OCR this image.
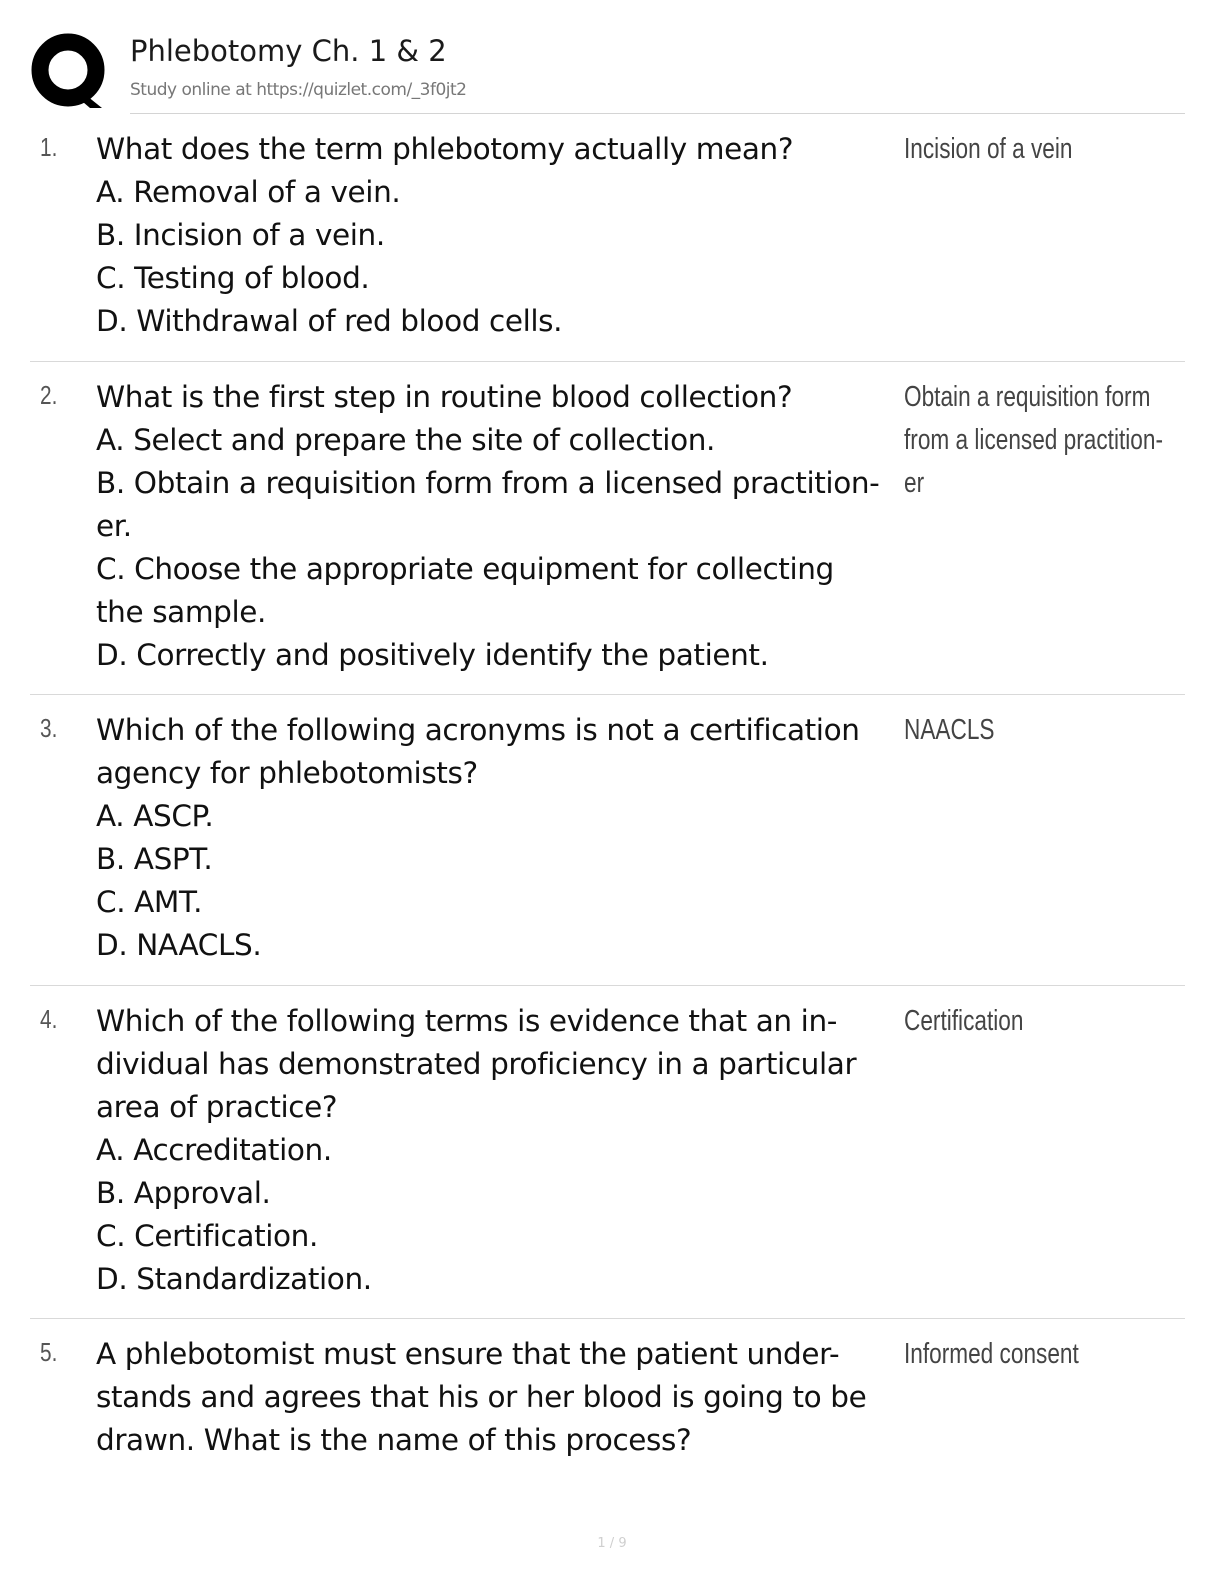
Phlebotomy Ch. 1 & 2
Study online at https://quizlet.com/_3f0jt2
1. What does the term phlebotomy actually mean?
A. Removal of a vein.
B. Incision of a vein.
C. Testing of blood.
D. Withdrawal of red blood cells.
Incision of a vein
2. What is the first step in routine blood collection?
A. Select and prepare the site of collection.
B. Obtain a requisition form from a licensed practition-
er.
C. Choose the appropriate equipment for collecting
the sample.
D. Correctly and positively identify the patient.
Obtain a requisition form
from a licensed practition-
er
3. Which of the following acronyms is not a certification
agency for phlebotomists?
A. ASCP.
B. ASPT.
C. AMT.
D. NAACLS.
NAACLS
4. Which of the following terms is evidence that an in-
dividual has demonstrated proficiency in a particular
area of practice?
A. Accreditation.
B. Approval.
C. Certification.
D. Standardization.
Certification
5. A phlebotomist must ensure that the patient under-
stands and agrees that his or her blood is going to be
drawn. What is the name of this process?
Informed consent
1 / 9
